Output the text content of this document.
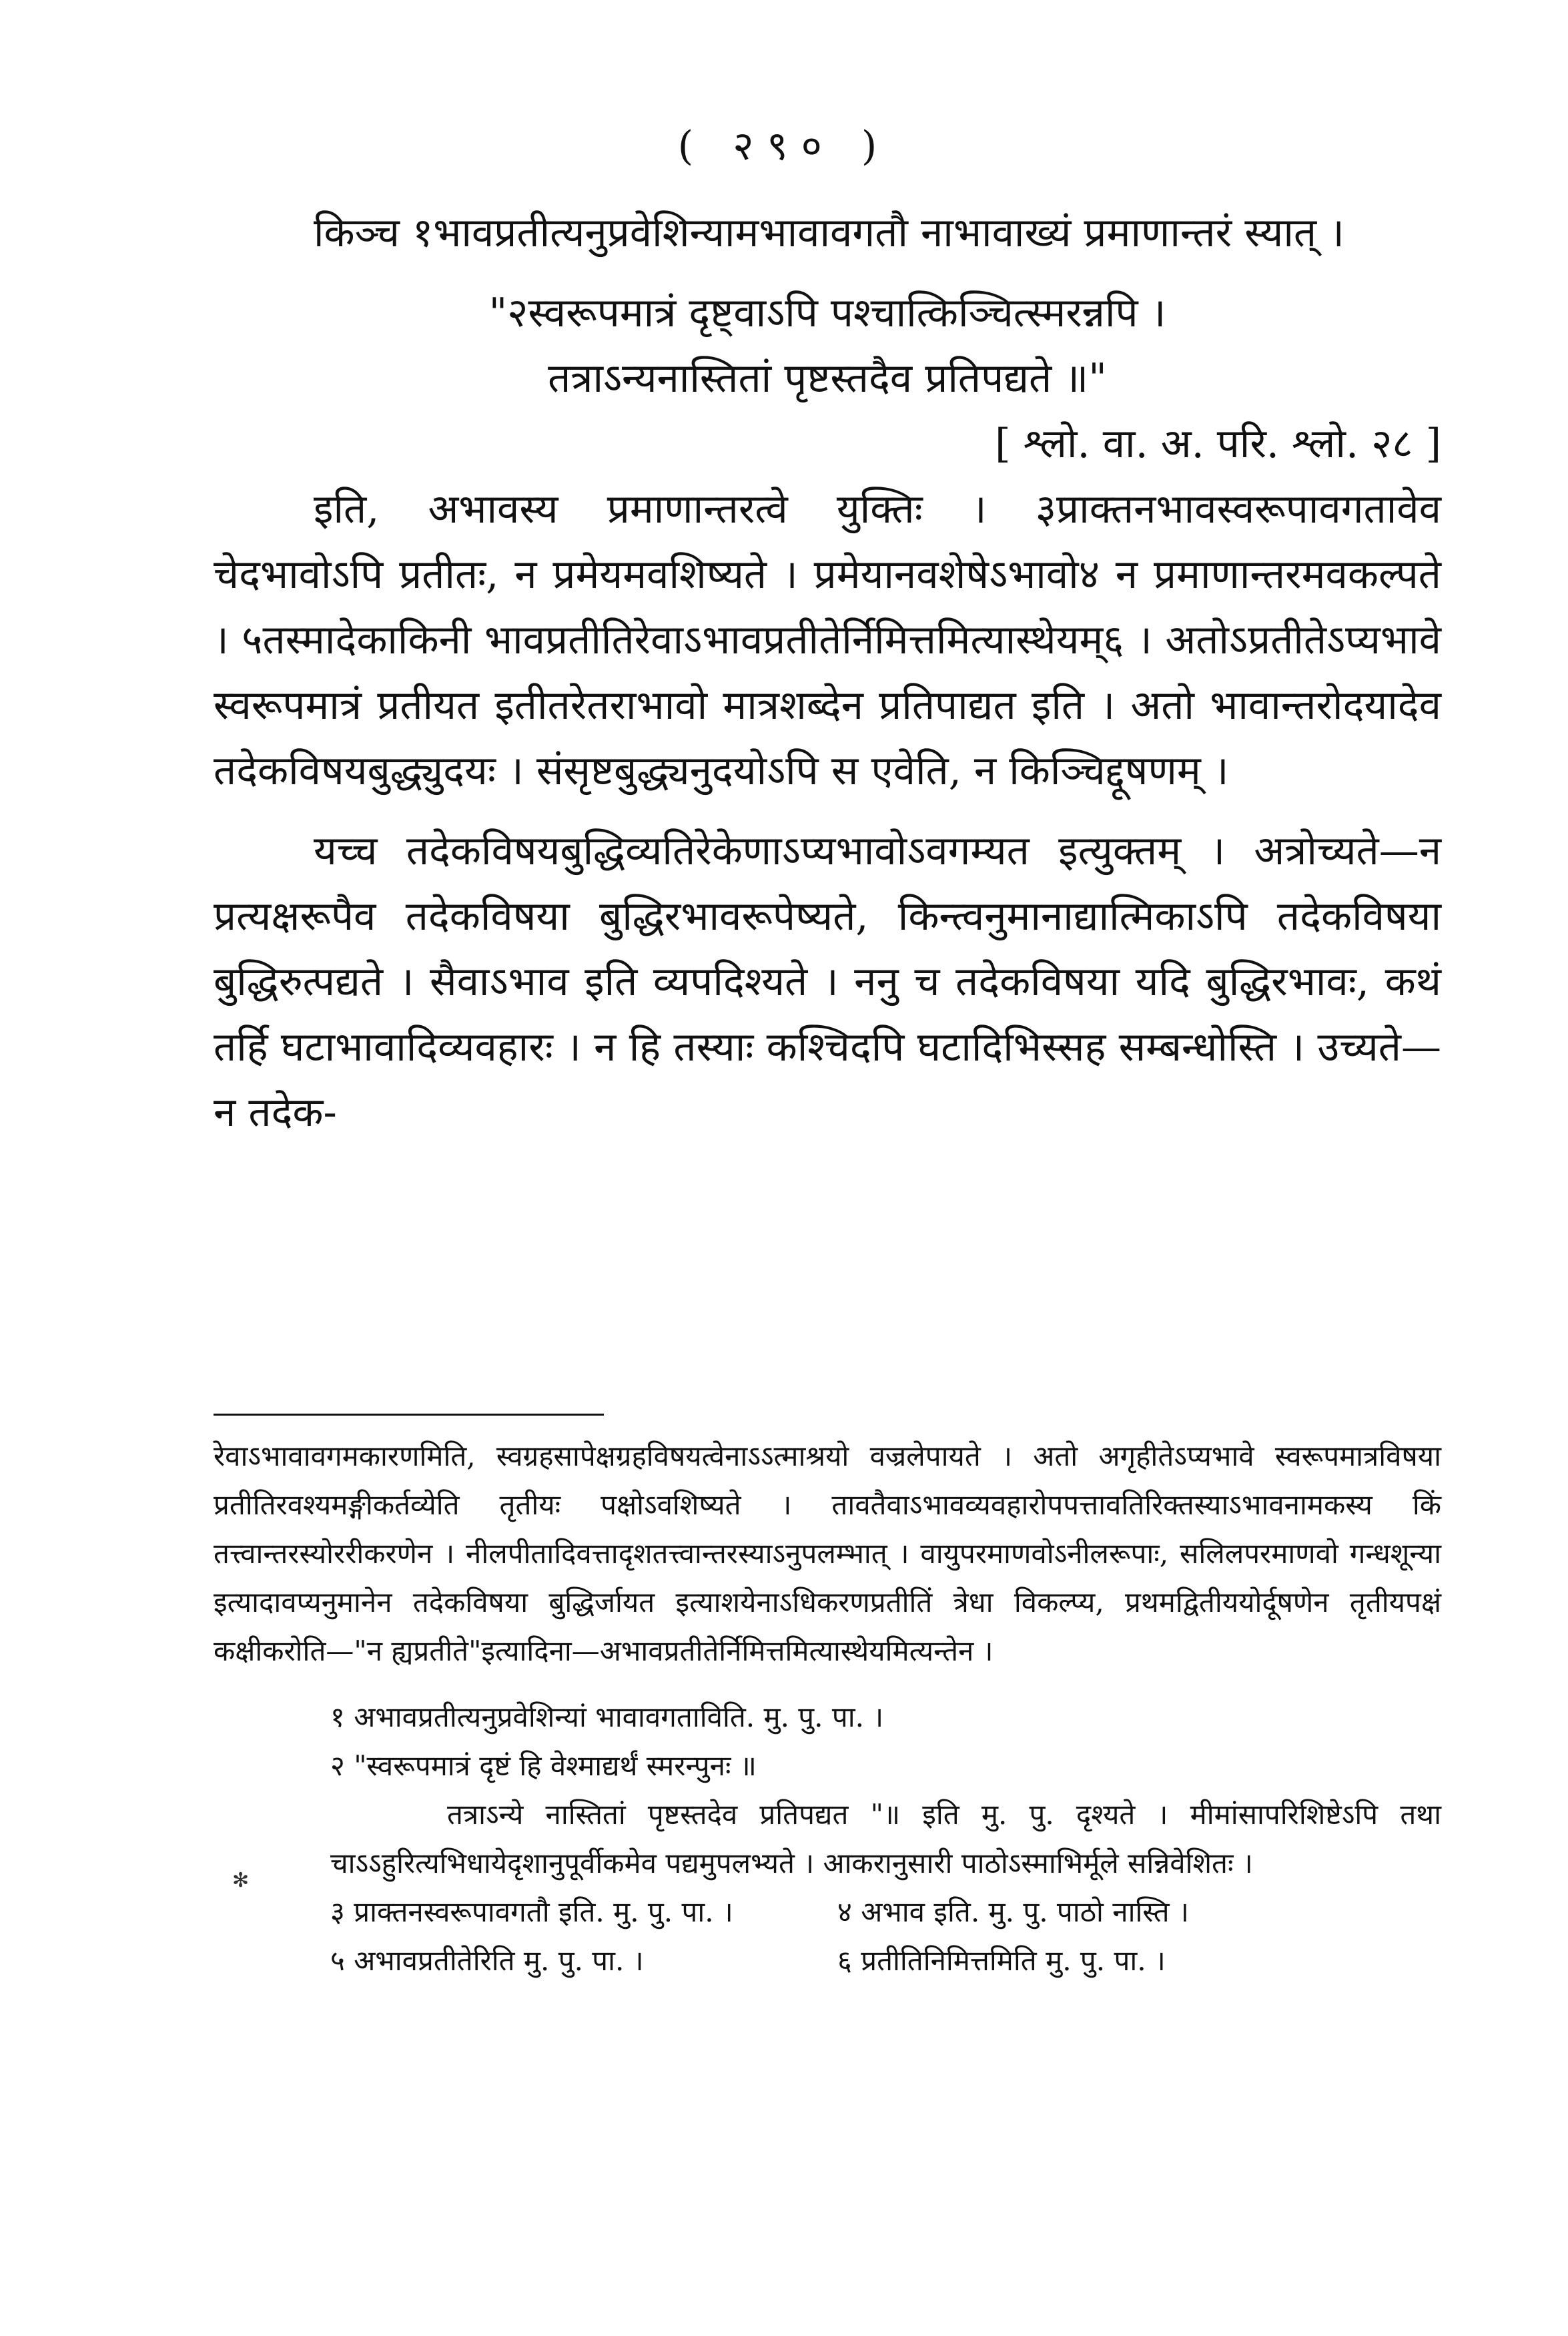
( २९० )

किञ्च १भावप्रतीत्यनुप्रवेशिन्यामभावावगतौ नाभावाख्यं प्रमाणान्तरं स्यात् ।

"२स्वरूपमात्रं दृष्ट्वाऽपि पश्चात्किञ्चित्स्मरन्नपि ।

तत्राऽन्यनास्तितां पृष्टस्तदैव प्रतिपद्यते ॥"

[ श्लो. वा. अ. परि. श्लो. २८ ]

इति, अभावस्य प्रमाणान्तरत्वे युक्तिः । ३प्राक्तनभावस्वरूपावगतावेव चेदभावोऽपि प्रतीतः, न प्रमेयमवशिष्यते । प्रमेयानवशेषेऽभावो४ न प्रमाणान्तरमवकल्पते । ५तस्मादेकाकिनी भावप्रतीतिरेवाऽभावप्रतीतेर्निमित्तमित्यास्थेयम्६ । अतोऽप्रतीतेऽप्यभावे स्वरूपमात्रं प्रतीयत इतीतरेतराभावो मात्रशब्देन प्रतिपाद्यत इति । अतो भावान्तरोदयादेव तदेकविषयबुद्ध्युदयः । संसृष्टबुद्ध्यनुदयोऽपि स एवेति, न किञ्चिद्दूषणम् ।

यच्च तदेकविषयबुद्धिव्यतिरेकेणाऽप्यभावोऽवगम्यत इत्युक्तम् । अत्रोच्यते—न प्रत्यक्षरूपैव तदेकविषया बुद्धिरभावरूपेष्यते, किन्त्वनुमानाद्यात्मिकाऽपि तदेकविषया बुद्धिरुत्पद्यते । सैवाऽभाव इति व्यपदिश्यते । ननु च तदेकविषया यदि बुद्धिरभावः, कथं तर्हि घटाभावादिव्यवहारः । न हि तस्याः कश्चिदपि घटादिभिस्सह सम्बन्धोस्ति । उच्यते—न तदेक-

रेवाऽभावावगमकारणमिति, स्वग्रहसापेक्षग्रहविषयत्वेनाऽऽत्माश्रयो वज्रलेपायते । अतो अगृहीतेऽप्यभावे स्वरूपमात्रविषया प्रतीतिरवश्यमङ्गीकर्तव्येति तृतीयः पक्षोऽवशिष्यते । तावतैवाऽभावव्यवहारोपपत्तावतिरिक्तस्याऽभावनामकस्य किं तत्त्वान्तरस्योररीकरणेन । नीलपीतादिवत्तादृशतत्त्वान्तरस्याऽनुपलम्भात् । वायुपरमाणवोऽनीलरूपाः, सलिलपरमाणवो गन्धशून्या इत्यादावप्यनुमानेन तदेकविषया बुद्धिर्जायत इत्याशयेनाऽधिकरणप्रतीतिं त्रेधा विकल्प्य, प्रथमद्वितीययोर्दूषणेन तृतीयपक्षं कक्षीकरोति—"न ह्यप्रतीते"इत्यादिना—अभावप्रतीतेर्निमित्तमित्यास्थेयमित्यन्तेन ।

१ अभावप्रतीत्यनुप्रवेशिन्यां भावावगताविति. मु. पु. पा. ।

२ "स्वरूपमात्रं दृष्टं हि वेश्माद्यर्थं स्मरन्पुनः ॥

तत्राऽन्ये नास्तितां पृष्टस्तदेव प्रतिपद्यत "॥ इति मु. पु. दृश्यते । मीमांसापरिशिष्टेऽपि तथा चाऽऽहुरित्यभिधायेदृशानुपूर्वीकमेव पद्यमुपलभ्यते । आकरानुसारी पाठोऽस्माभिर्मूले सन्निवेशितः ।

३ प्राक्तनस्वरूपावगतौ इति. मु. पु. पा. ।	४ अभाव इति. मु. पु. पाठो नास्ति ।
५ अभावप्रतीतेरिति मु. पु. पा. ।	६ प्रतीतिनिमित्तमिति मु. पु. पा. ।
✻
